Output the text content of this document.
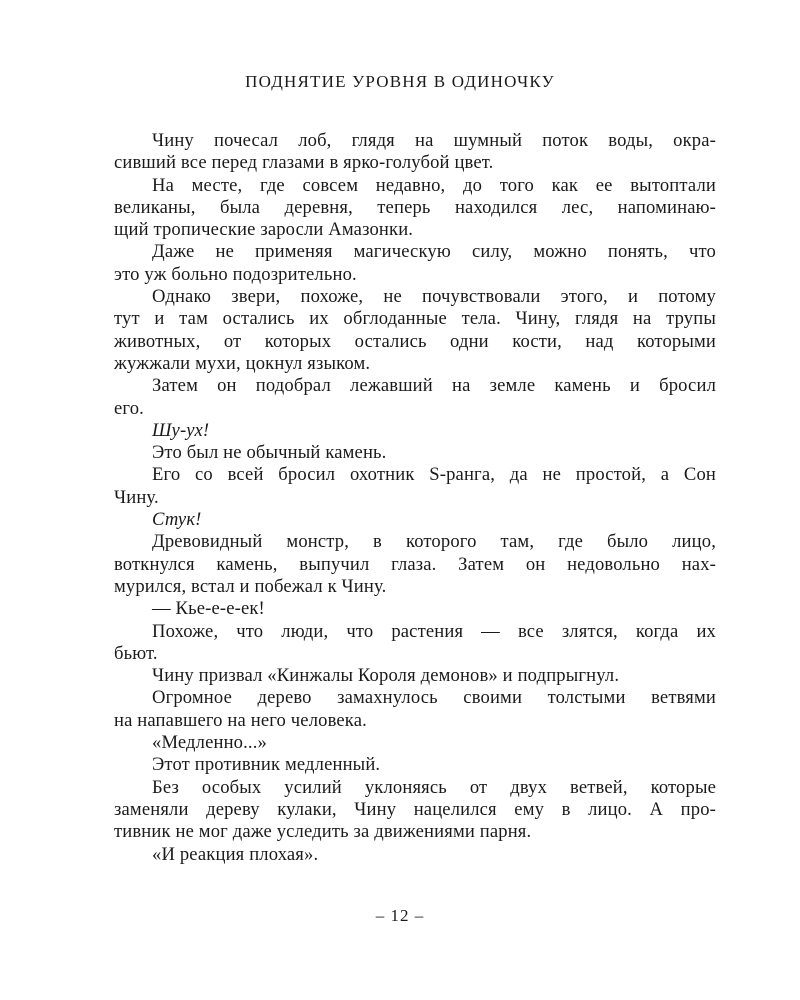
ПОДНЯТИЕ УРОВНЯ В ОДИНОЧКУ

Чину почесал лоб, глядя на шумный поток воды, окра-
сивший все перед глазами в ярко-голубой цвет.

На месте, где совсем недавно, до того как ее вытоптали
великаны, была деревня, теперь находился лес, напоминаю-
щий тропические заросли Амазонки.

Даже не применяя магическую силу, можно понять, что
это уж больно подозрительно.

Однако звери, похоже, не почувствовали этого, и потому
тут и там остались их обглоданные тела. Чину, глядя на трупы
животных, от которых остались одни кости, над которыми
жужжали мухи, цокнул языком.

Затем он подобрал лежавший на земле камень и бросил
его.

Шу-ух!

Это был не обычный камень.

Его со всей бросил охотник S-ранга, да не простой, а Сон
Чину.

Стук!

Древовидный монстр, в которого там, где было лицо,
воткнулся камень, выпучил глаза. Затем он недовольно нах-
мурился, встал и побежал к Чину.

— Кье-е-е-ек!

Похоже, что люди, что растения — все злятся, когда их
бьют.

Чину призвал «Кинжалы Короля демонов» и подпрыгнул.

Огромное дерево замахнулось своими толстыми ветвями
на напавшего на него человека.

«Медленно...»

Этот противник медленный.

Без особых усилий уклоняясь от двух ветвей, которые
заменяли дереву кулаки, Чину нацелился ему в лицо. А про-
тивник не мог даже уследить за движениями парня.

«И реакция плохая».

– 12 –
